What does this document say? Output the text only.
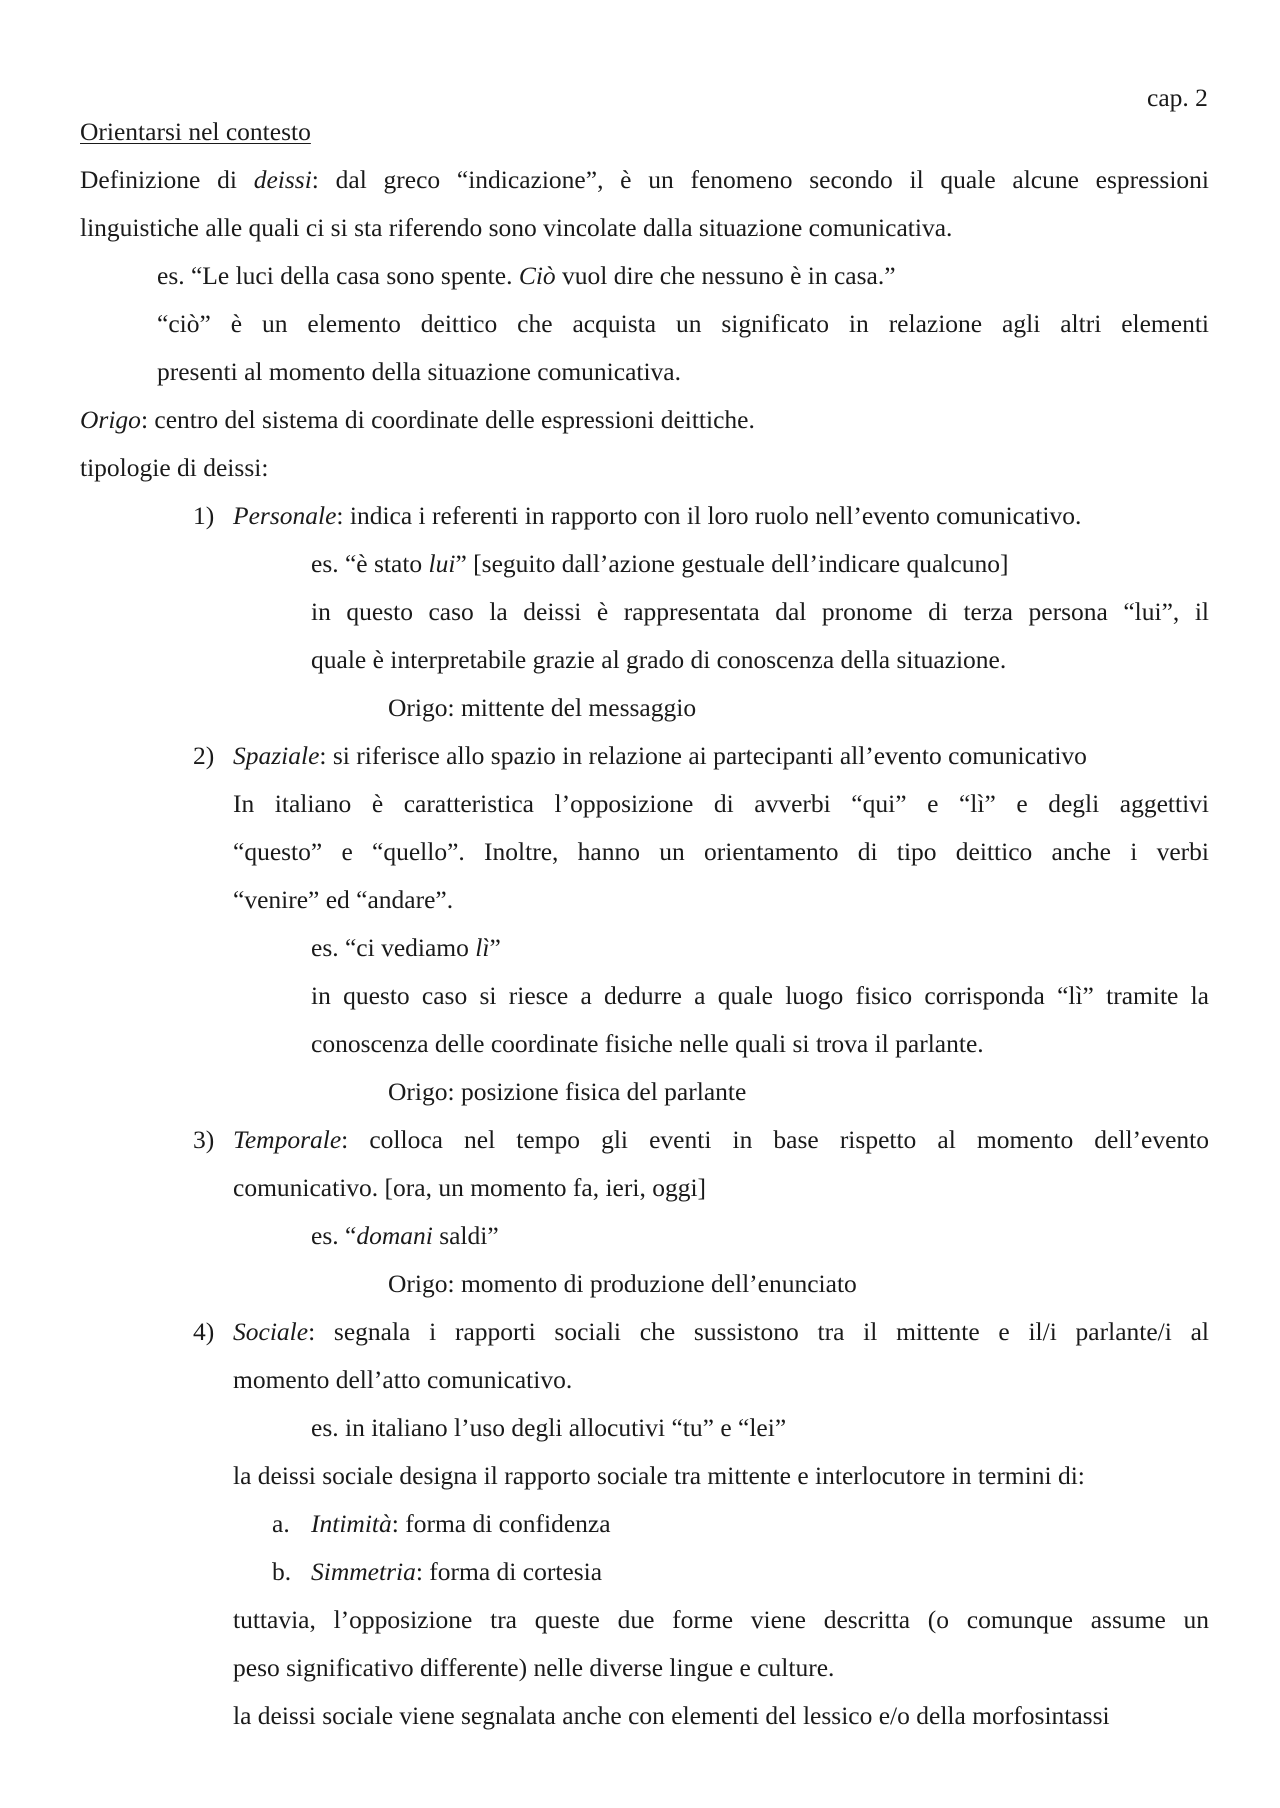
cap. 2
Orientarsi nel contesto
Definizione di deissi: dal greco “indicazione”, è un fenomeno secondo il quale alcune espressioni
linguistiche alle quali ci si sta riferendo sono vincolate dalla situazione comunicativa.
es. “Le luci della casa sono spente. Ciò vuol dire che nessuno è in casa.”
“ciò” è un elemento deittico che acquista un significato in relazione agli altri elementi
presenti al momento della situazione comunicativa.
Origo: centro del sistema di coordinate delle espressioni deittiche.
tipologie di deissi:
1) Personale: indica i referenti in rapporto con il loro ruolo nell’evento comunicativo.
es. “è stato lui” [seguito dall’azione gestuale dell’indicare qualcuno]
in questo caso la deissi è rappresentata dal pronome di terza persona “lui”, il
quale è interpretabile grazie al grado di conoscenza della situazione.
Origo: mittente del messaggio
2) Spaziale: si riferisce allo spazio in relazione ai partecipanti all’evento comunicativo
In italiano è caratteristica l’opposizione di avverbi “qui” e “lì” e degli aggettivi
“questo” e “quello”. Inoltre, hanno un orientamento di tipo deittico anche i verbi
“venire” ed “andare”.
es. “ci vediamo lì”
in questo caso si riesce a dedurre a quale luogo fisico corrisponda “lì” tramite la
conoscenza delle coordinate fisiche nelle quali si trova il parlante.
Origo: posizione fisica del parlante
3) Temporale: colloca nel tempo gli eventi in base rispetto al momento dell’evento
comunicativo. [ora, un momento fa, ieri, oggi]
es. “domani saldi”
Origo: momento di produzione dell’enunciato
4) Sociale: segnala i rapporti sociali che sussistono tra il mittente e il/i parlante/i al
momento dell’atto comunicativo.
es. in italiano l’uso degli allocutivi “tu” e “lei”
la deissi sociale designa il rapporto sociale tra mittente e interlocutore in termini di:
a. Intimità: forma di confidenza
b. Simmetria: forma di cortesia
tuttavia, l’opposizione tra queste due forme viene descritta (o comunque assume un
peso significativo differente) nelle diverse lingue e culture.
la deissi sociale viene segnalata anche con elementi del lessico e/o della morfosintassi
